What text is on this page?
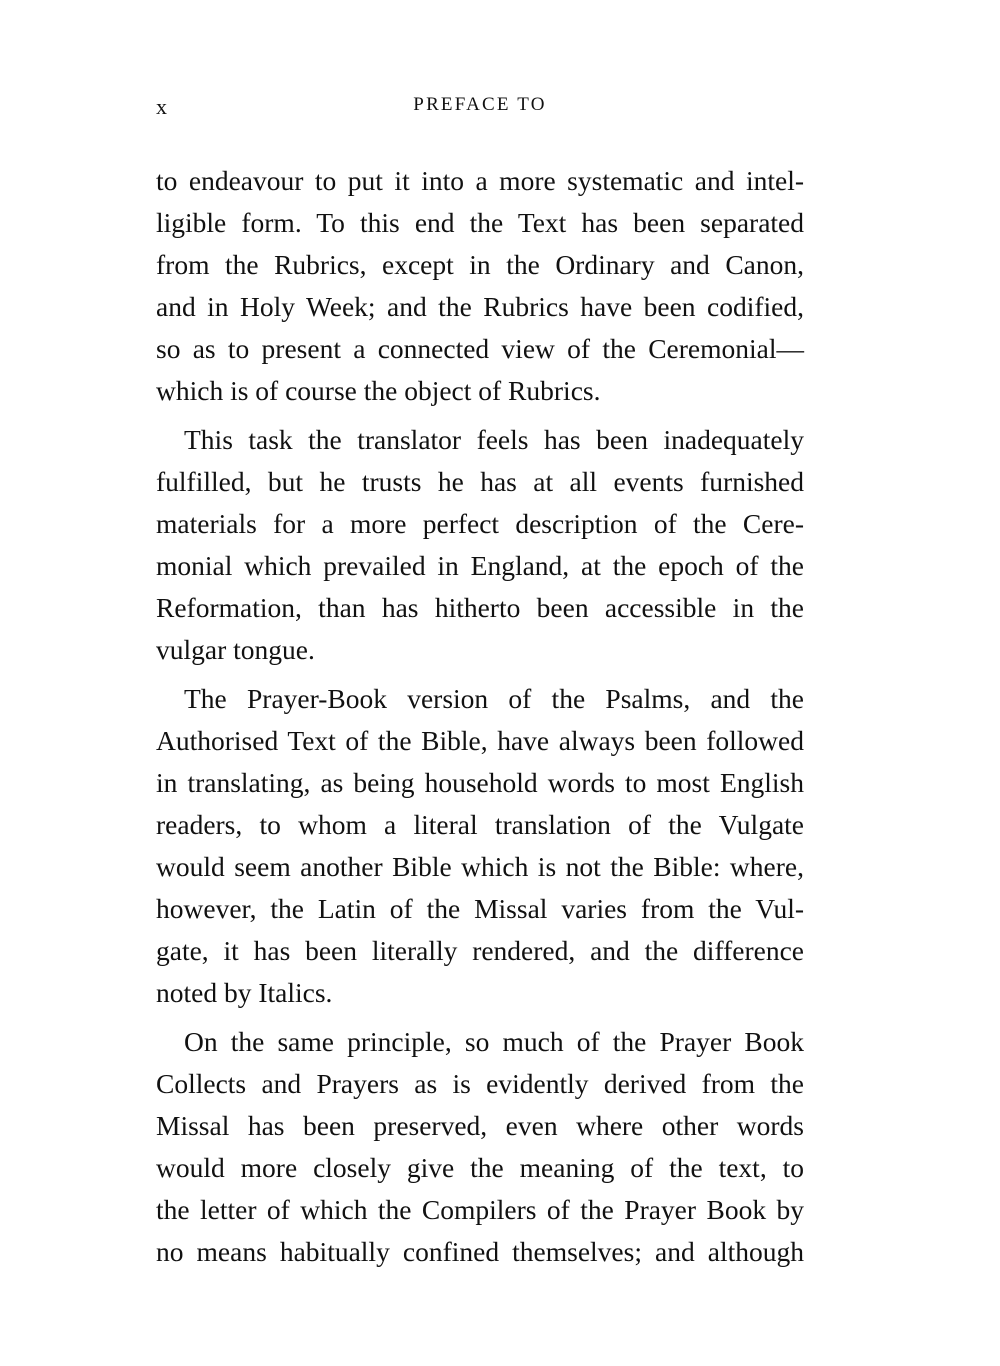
x	PREFACE TO

to endeavour to put it into a more systematic and intel-
ligible form. To this end the Text has been separated
from the Rubrics, except in the Ordinary and Canon,
and in Holy Week; and the Rubrics have been codified,
so as to present a connected view of the Ceremonial—
which is of course the object of Rubrics.

This task the translator feels has been inadequately
fulfilled, but he trusts he has at all events furnished
materials for a more perfect description of the Cere-
monial which prevailed in England, at the epoch of the
Reformation, than has hitherto been accessible in the
vulgar tongue.

The Prayer-Book version of the Psalms, and the
Authorised Text of the Bible, have always been followed
in translating, as being household words to most English
readers, to whom a literal translation of the Vulgate
would seem another Bible which is not the Bible: where,
however, the Latin of the Missal varies from the Vul-
gate, it has been literally rendered, and the difference
noted by Italics.

On the same principle, so much of the Prayer Book
Collects and Prayers as is evidently derived from the
Missal has been preserved, even where other words
would more closely give the meaning of the text, to
the letter of which the Compilers of the Prayer Book by
no means habitually confined themselves; and although
